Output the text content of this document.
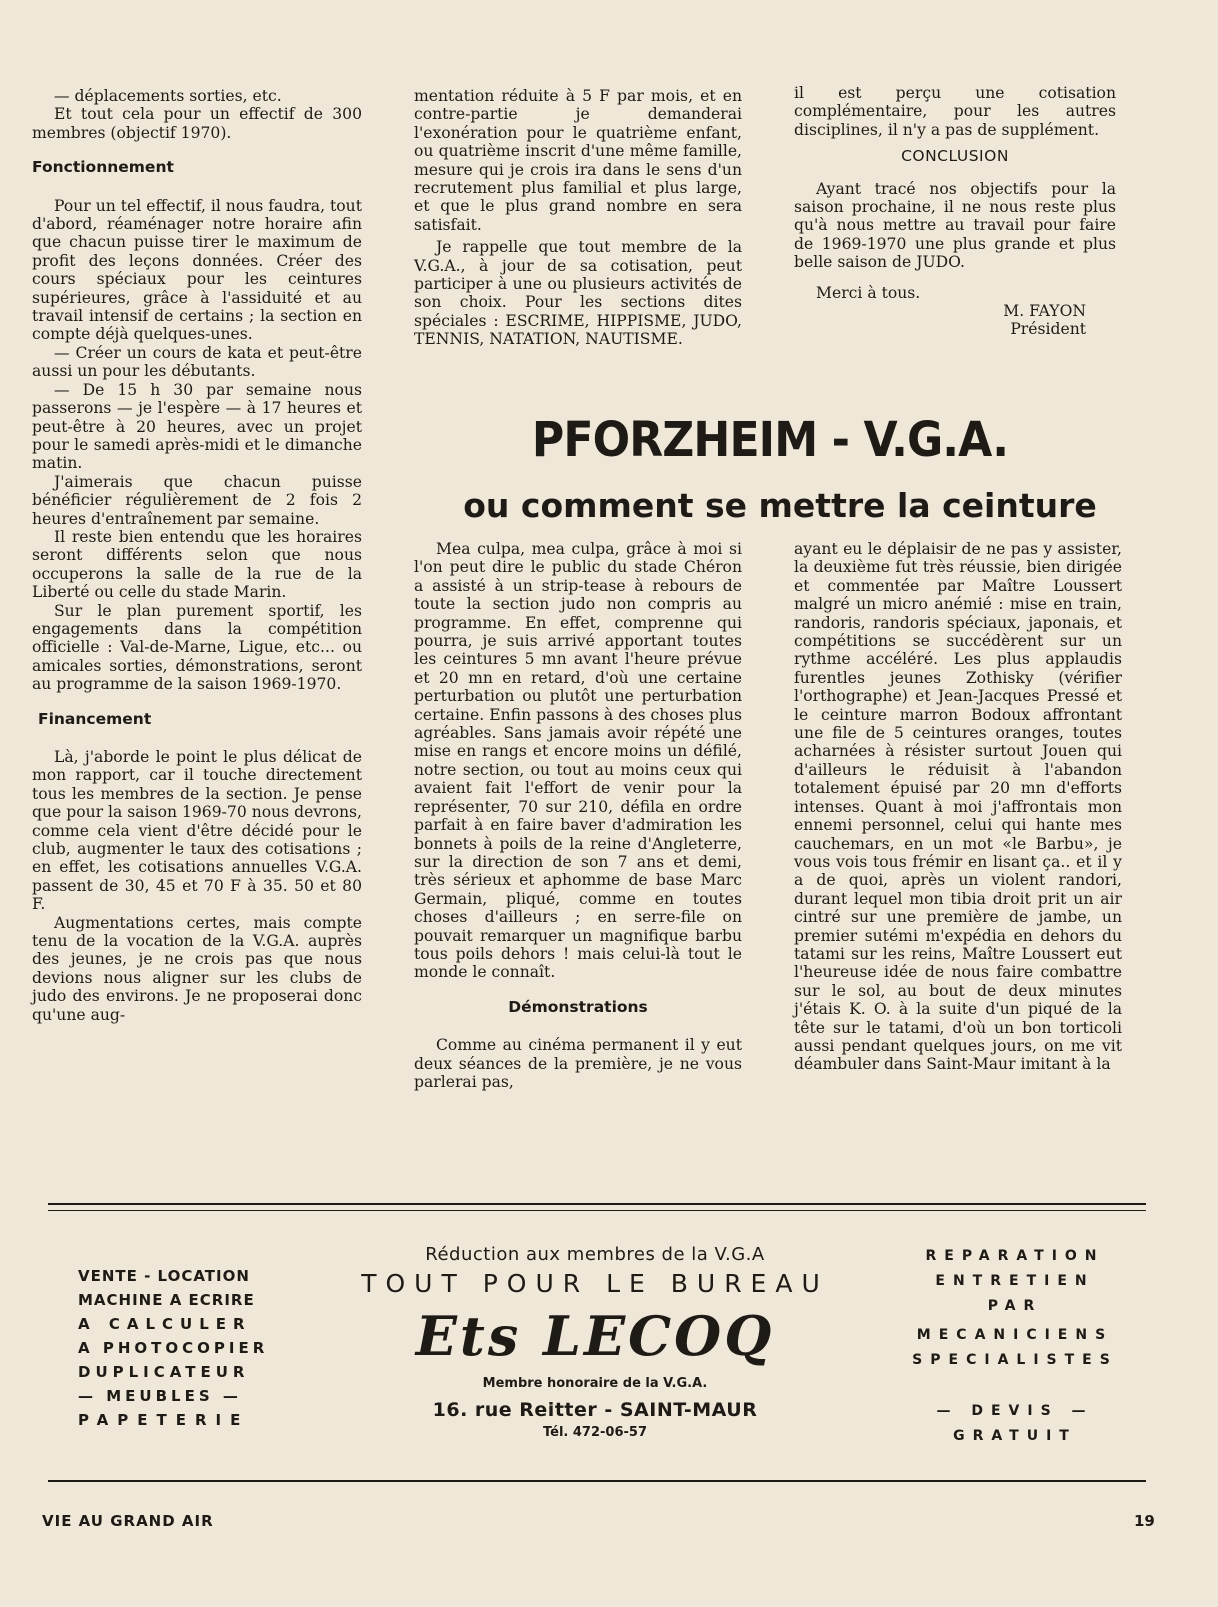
— déplacements sorties, etc.

Et tout cela pour un effectif de 300 membres (objectif 1970).

Fonctionnement

Pour un tel effectif, il nous faudra, tout d'abord, réaménager notre horaire afin que chacun puisse tirer le maximum de profit des leçons données. Créer des cours spéciaux pour les ceintures supérieures, grâce à l'assiduité et au travail intensif de certains ; la section en compte déjà quelques-unes.

— Créer un cours de kata et peut-être aussi un pour les débutants.

— De 15 h 30 par semaine nous passerons — je l'espère — à 17 heures et peut-être à 20 heures, avec un projet pour le samedi après-midi et le dimanche matin.

J'aimerais que chacun puisse bénéficier régulièrement de 2 fois 2 heures d'entraînement par semaine.

Il reste bien entendu que les horaires seront différents selon que nous occuperons la salle de la rue de la Liberté ou celle du stade Marin.

Sur le plan purement sportif, les engagements dans la compétition officielle : Val-de-Marne, Ligue, etc... ou amicales sorties, démonstrations, seront au programme de la saison 1969-1970.

Financement

Là, j'aborde le point le plus délicat de mon rapport, car il touche directement tous les membres de la section. Je pense que pour la saison 1969-70 nous devrons, comme cela vient d'être décidé pour le club, augmenter le taux des cotisations ; en effet, les cotisations annuelles V.G.A. passent de 30, 45 et 70 F à 35. 50 et 80 F.

Augmentations certes, mais compte tenu de la vocation de la V.G.A. auprès des jeunes, je ne crois pas que nous devions nous aligner sur les clubs de judo des environs. Je ne proposerai donc qu'une aug-

mentation réduite à 5 F par mois, et en contre-partie je demanderai l'exonération pour le quatrième enfant, ou quatrième inscrit d'une même famille, mesure qui je crois ira dans le sens d'un recrutement plus familial et plus large, et que le plus grand nombre en sera satisfait.

Je rappelle que tout membre de la V.G.A., à jour de sa cotisation, peut participer à une ou plusieurs activités de son choix. Pour les sections dites spéciales : ESCRIME, HIPPISME, JUDO, TENNIS, NATATION, NAUTISME.

il est perçu une cotisation complémentaire, pour les autres disciplines, il n'y a pas de supplément.

CONCLUSION

Ayant tracé nos objectifs pour la saison prochaine, il ne nous reste plus qu'à nous mettre au travail pour faire de 1969-1970 une plus grande et plus belle saison de JUDO.

Merci à tous.

M. FAYON

Président

PFORZHEIM - V.G.A.
ou comment se mettre la ceinture

Mea culpa, mea culpa, grâce à moi si l'on peut dire le public du stade Chéron a assisté à un strip-tease à rebours de toute la section judo non compris au programme. En effet, comprenne qui pourra, je suis arrivé apportant toutes les ceintures 5 mn avant l'heure prévue et 20 mn en retard, d'où une certaine perturbation ou plutôt une perturbation certaine. Enfin passons à des choses plus agréables. Sans jamais avoir répété une mise en rangs et encore moins un défilé, notre section, ou tout au moins ceux qui avaient fait l'effort de venir pour la représenter, 70 sur 210, défila en ordre parfait à en faire baver d'admiration les bonnets à poils de la reine d'Angleterre, sur la direction de son 7 ans et demi, très sérieux et aphomme de base Marc Germain, pliqué, comme en toutes choses d'ailleurs ; en serre-file on pouvait remarquer un magnifique barbu tous poils dehors ! mais celui-là tout le monde le connaît.

Démonstrations

Comme au cinéma permanent il y eut deux séances de la première, je ne vous parlerai pas,

ayant eu le déplaisir de ne pas y assister, la deuxième fut très réussie, bien dirigée et commentée par Maître Loussert malgré un micro anémié : mise en train, randoris, randoris spéciaux, japonais, et compétitions se succédèrent sur un rythme accéléré. Les plus applaudis furentles jeunes Zothisky (vérifier l'orthographe) et Jean-Jacques Pressé et le ceinture marron Bodoux affrontant une file de 5 ceintures oranges, toutes acharnées à résister surtout Jouen qui d'ailleurs le réduisit à l'abandon totalement épuisé par 20 mn d'efforts intenses. Quant à moi j'affrontais mon ennemi personnel, celui qui hante mes cauchemars, en un mot «le Barbu», je vous vois tous frémir en lisant ça.. et il y a de quoi, après un violent randori, durant lequel mon tibia droit prit un air cintré sur une première de jambe, un premier sutémi m'expédia en dehors du tatami sur les reins, Maître Loussert eut l'heureuse idée de nous faire combattre sur le sol, au bout de deux minutes j'étais K. O. à la suite d'un piqué de la tête sur le tatami, d'où un bon torticoli aussi pendant quelques jours, on me vit déambuler dans Saint-Maur imitant à la

VENTE - LOCATION
MACHINE A ECRIRE
A CALCULER
A PHOTOCOPIER
DUPLICATEUR
— MEUBLES —
PAPETERIE
Réduction aux membres de la V.G.A
TOUT POUR LE BUREAU
Ets LECOQ
Membre honoraire de la V.G.A.
16. rue Reitter - SAINT-MAUR
Tél. 472-06-57
REPARATION
ENTRETIEN
PAR
MECANICIENS
SPECIALISTES
— DEVIS —
GRATUIT
VIE AU GRAND AIR	19
